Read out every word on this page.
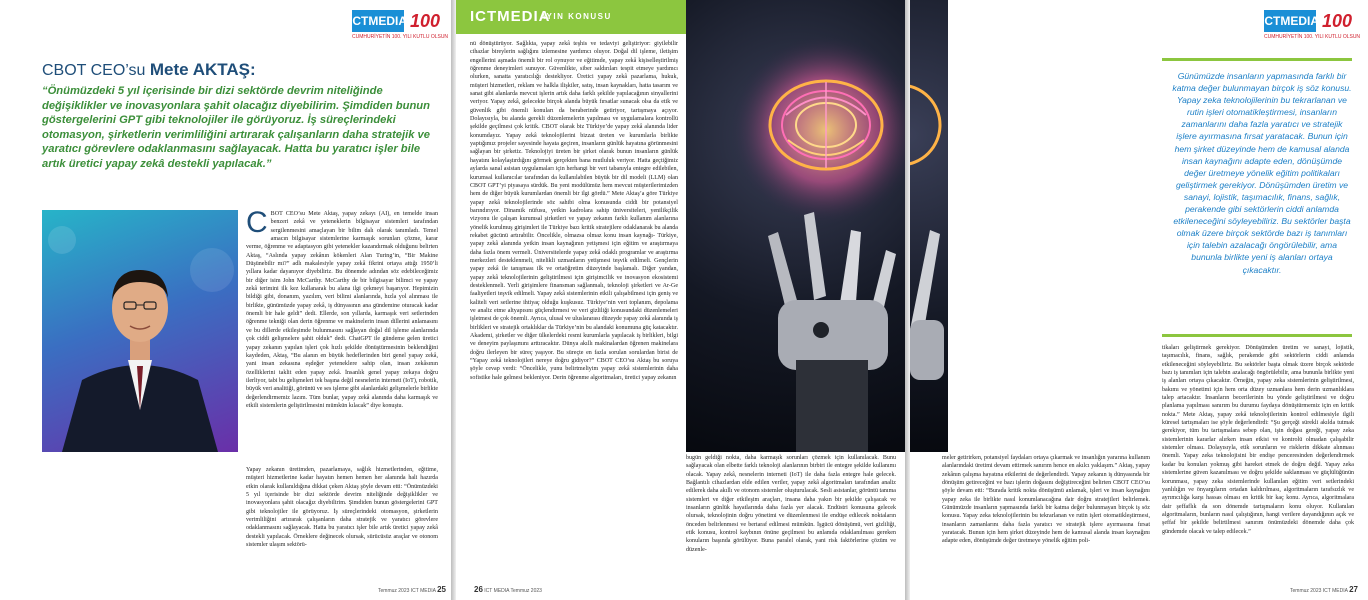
ICTMEDIA 100
CUMHURİYETİN 100. YILI KUTLU OLSUN
CBOT CEO’su Mete AKTAŞ:
“Önümüzdeki 5 yıl içerisinde bir dizi sektörde devrim niteliğinde değişiklikler ve inovasyonlara şahit olacağız diyebilirim. Şimdiden bunun göstergelerini GPT gibi teknolojiler ile görüyoruz. İş süreçlerindeki otomasyon, şirketlerin verimliliğini artırarak çalışanların daha stratejik ve yaratıcı görevlere odaklanmasını sağlayacak. Hatta bu yaratıcı işler bile artık üretici yapay zekâ destekli yapılacak.”
CBOT CEO’su Mete Aktaş, yapay zekayı (AI), en temelde insan benzeri zekâ ve yeteneklerin bilgisayar sistemleri tarafından sergilenmesini amaçlayan bir bilim dalı olarak tanımladı. Temel amacın bilgisayar sistemlerine karmaşık sorunları çözme, karar verme, öğrenme ve adaptasyon gibi yetenekler kazandırmak olduğunu belirten Aktaş, “Aslında yapay zekânın kökenleri Alan Turing’in, “Bir Makine Düşünebilir mi?” adlı makalesiyle yapay zekâ fikrini ortaya attığı 1950’li yıllara kadar dayanıyor diyebiliriz. Bu dönemde adından söz edebileceğimiz bir diğer isim John McCarthy. McCarthy de bir bilgisayar bilimci ve yapay zekâ terimini ilk kez kullanarak bu alana ilgi çekmeyi başarıyor. Hepimizin bildiği gibi, donanım, yazılım, veri bilimi alanlarında, hızla yol alınması ile birlikte, günümüzde yapay zekâ, iş dünyasının ana gündemine oturacak kadar önemli bir hale geldi” dedi. Ellerde, son yıllarda, karmaşık veri setlerinden öğrenme tekniği olan derin öğrenme ve makinelerin insan dillerini anlamasını ve bu dillerde etkileşimde bulunmasını sağlayan doğal dil işleme alanlarında çok ciddi gelişmelere şahit olduk” dedi. ChatGPT ile gündeme gelen üretici yapay zekanın yapılan işleri çok hızlı şekilde dönüştürmesinin beklendiğini kaydeden, Aktaş, “Bu alanın en büyük hedeflerinden biri genel yapay zekâ, yani insan zekasına eşdeğer yeteneklere sahip olan, insan zekâsının özelliklerini taklit eden yapay zekâ. İnsanlık genel yapay zekaya doğru ilerliyor, tabi bu gelişmeleri tek başına değil nesnelerin interneti (IoT), robotik, büyük veri analitiği, görüntü ve ses işleme gibi alanlardaki gelişmelerle birlikte değerlendirmemiz lazım. Tüm bunlar, yapay zekâ alanında daha karmaşık ve etkili sistemlerin geliştirilmesini mümkün kılacak” diye konuştu.
Yapay zekanın üretimden, pazarlamaya, sağlık hizmetlerinden, eğitime, müşteri hizmetlerine kadar hayatın hemen hemen her alanında hali hazırda etkin olarak kullanıldığına dikkat çeken Aktaş şöyle devam etti: “Önümüzdeki 5 yıl içerisinde bir dizi sektörde devrim niteliğinde değişiklikler ve inovasyonlara şahit olacağız diyebilirim. Şimdiden bunun göstergelerini GPT gibi teknolojiler ile görüyoruz. İş süreçlerindeki otomasyon, şirketlerin verimliliğini artırarak çalışanların daha stratejik ve yaratıcı görevlere odaklanmasını sağlayacak. Hatta bu yaratıcı işler bile artık üretici yapay zekâ destekli yapılacak. Örneklere değinecek olursak, sürücüsüz araçlar ve otonom sistemler ulaşım sektörü-
Temmuz 2023 ICT MEDIA 25
ICTMEDIA
AYIN KONUSU
nü dönüştürüyor. Sağlıkta, yapay zekâ teşhis ve tedaviyi geliştiriyor: giyilebilir cihazlar bireylerin sağlığını izlemesine yardımcı oluyor. Doğal dil işleme, iletişim engellerini aşmada önemli bir rol oynuyor ve eğitimde, yapay zekâ kişiselleştirilmiş öğrenme deneyimleri sunuyor. Güvenlikte, siber saldırıları tespit etmeye yardımcı olurken, sanatta yaratıcılığı destekliyor. Üretici yapay zekâ pazarlama, hukuk, müşteri hizmetleri, reklam ve halkla ilişkiler, satış, insan kaynakları, hatta tasarım ve sanat gibi alanlarda mevcut işlerin artık daha farklı şekilde yapılacağının sinyallerini veriyor. Yapay zekâ, gelecekte birçok alanda büyük fırsatlar sunacak olsa da etik ve güvenlik gibi önemli konuları da beraberinde getiriyor, tartışmaya açıyor. Dolayısıyla, bu alanda gerekli düzenlemelerin yapılması ve uygulamalara kontrollü şekilde geçilmesi çok kritik. CBOT olarak biz Türkiye’de yapay zekâ alanında lider konumdayız. Yapay zekâ teknolojilerini bizzat üreten ve kurumlarla birlikte yaptığımız projeler sayesinde hayata geçiren, insanların günlük hayatına görünmesini sağlayan bir şirketiz. Teknolojiyi üreten bir şirket olarak bunun insanların günlük hayatını kolaylaştırdığını görmek gerçekten bana mutluluk veriyor. Hatta geçtiğimiz aylarda sanal asistan uygulamaları için herhangi bir veri tabanıyla entegre edilebilen, kurumsal kullanıcılar tarafından da kullanılabilen büyük bir dil modeli (LLM) olan CBOT GPT’yi piyasaya sürdük. Bu yeni modülümüz hem mevcut müşterilerimizden hem de diğer büyük kurumlardan önemli bir ilgi gördü.” Mete Aktaş’a göre Türkiye yapay zekâ teknolojilerinde söz sahibi olma konusunda ciddi bir potansiyel barındırıyor. Dinamik nüfusu, yetkin kadrolara sahip üniversiteleri, yenilikçilik vizyonu ile çalışan kurumsal şirketleri ve yapay zekanın farklı kullanım alanlarına yönelik kurulmuş girişimleri ile Türkiye bazı kritik stratejilere odaklanarak bu alanda rekabet gücünü artırabilir. Öncelikle, olmazsa olmaz konu insan kaynağı- Türkiye, yapay zekâ alanında yetkin insan kaynağının yetişmesi için eğitim ve araştırmaya daha fazla önem vermeli. Üniversitelerde yapay zekâ odaklı programlar ve araştırma merkezleri desteklenmeli, nitelikli uzmanların yetişmesi teşvik edilmeli. Gençlerin yapay zekâ ile tanışması ilk ve ortaöğretim düzeyinde başlamalı. Diğer yandan, yapay zekâ teknolojilerinin geliştirilmesi için girişimcilik ve inovasyon ekosistemi desteklenmeli. Yerli girişimlere finansman sağlanmalı, teknoloji şirketleri ve Ar-Ge faaliyetleri teşvik edilmeli. Yapay zekâ sistemlerinin etkili çalışabilmesi için geniş ve kaliteli veri setlerine ihtiyaç olduğu kuşkusuz. Türkiye’nin veri toplanım, depolama ve analiz etme altyapısını güçlendirmesi ve veri gizliliği konusundaki düzenlemeleri işletmesi de çok önemli. Ayrıca, ulusal ve uluslararası düzeyde yapay zekâ alanında iş birlikleri ve stratejik ortaklıklar da Türkiye’nin bu alandaki konumuna güç katacaktır. Akademi, şirketler ve diğer ülkelerdeki resmi kurumlarla yapılacak iş birlikleri, bilgi ve deneyim paylaşımını arttıracaktır. Dünya akıllı makinalardan öğrenen makinelara doğru ilerleyen bir süreç yaşıyor. Bu süreçte en fazla sorulan sorulardan birisi de “Yapay zekâ teknolojileri nereye doğru gidiyor?” CBOT CEO’su Aktaş bu soruya şöyle cevap verdi: “Öncelikle, yunu belirtmeliyim yapay zekâ sistemlerinin daha sofistike hale gelmesi bekleniyor. Derin öğrenme algoritmaları, üretici yapay zekanın
bugün geldiği nokta, daha karmaşık sorunları çözmek için kullanılacak. Bunu sağlayacak olan elbette farklı teknoloji alanlarının birbiri ile entegre şekilde kullanımı olacak. Yapay zekâ, nesnelerin interneti (IoT) ile daha fazla entegre hale gelecek. Bağlantılı cihazlardan elde edilen veriler, yapay zekâ algoritmaları tarafından analiz edilerek daha akıllı ve otonom sistemler oluşturulacak. Sesli asistanlar, görüntü tanıma sistemleri ve diğer etkileşim araçları, insana daha yakın bir şekilde çalışacak ve insanların günlük hayatlarında daha fazla yer alacak. Endüstri konusuna gelecek olursak, teknolojinin doğru yönetimi ve düzenlenmesi ile endüşe edilecek noktaların önceden belirlenmesi ve bertaraf edilmesi mümkün. İşgücü dönüşümü, veri gizliliği, etik konusu, kontrol kaybının önüne geçilmesi bu anlamda odaklanılması gereken konuların başında görülüyor. Buna paralel olarak, yani risk faktörlerine çözüm ve düzenle-
26 ICT MEDIA Temmuz 2023
ICTMEDIA 100
CUMHURİYETİN 100. YILI KUTLU OLSUN
Günümüzde insanların yapmasında farklı bir katma değer bulunmayan birçok iş söz konusu. Yapay zeka teknolojilerinin bu tekrarlanan ve rutin işleri otomatikleştirmesi, insanların zamanlarını daha fazla yaratıcı ve stratejik işlere ayırmasına fırsat yaratacak. Bunun için hem şirket düzeyinde hem de kamusal alanda insan kaynağını adapte eden, dönüşümde değer üretmeye yönelik eğitim politikaları geliştirmek gerekiyor. Dönüşümden üretim ve sanayi, lojistik, taşımacılık, finans, sağlık, perakende gibi sektörlerin ciddi anlamda etkileneceğini söyleyebiliriz. Bu sektörler başta olmak üzere birçok sektörde bazı iş tanımları için talebin azalacağı öngörülebilir, ama bununla birlikte yeni iş alanları ortaya çıkacaktır.
meler getirirken, potansiyel faydaları ortaya çıkarmak ve insanlığın yararına kullanım alanlarındaki üretimi devam ettirmek sanırım hence en akılcı yaklaşım.” Aktaş, yapay zekânın çalışma hayatına etkilerini de değerlendirdi. Yapay zekanın iş dünyasında bir dönüşüm getireceğini ve bazı işlerin doğasını değiştireceğini belirten CBOT CEO’su şöyle devam etti: “Burada kritik nokta dönüşümü anlamak, işleri ve insan kaynağını yapay zeka ile birlikte nasıl konumlanacağına dair doğru stratejileri belirlemek. Günümüzde insanların yapmasında farklı bir katma değer bulunmayan birçok iş söz konusu. Yapay zeka teknolojilerinin bu tekrarlanan ve rutin işleri otomatikleştirmesi, insanların zamanlarını daha fazla yaratıcı ve stratejik işlere ayırmasına fırsat yaratacak. Bunun için hem şirket düzeyinde hem de kamusal alanda insan kaynağını adapte eden, dönüşümde değer üretmeye yönelik eğitim poli-
tikaları geliştirmek gerekiyor. Dönüşümden üretim ve sanayi, lojistik, taşımacılık, finans, sağlık, perakende gibi sektörlerin ciddi anlamda etkileneceğini söyleyebiliriz. Bu sektörler başta olmak üzere birçok sektörde bazı iş tanımları için talebin azalacağı öngörülebilir, ama bununla birlikte yeni iş alanları ortaya çıkacaktır. Örneğin, yapay zeka sistemlerinin geliştirilmesi, bakımı ve yönetimi için hem orta düzey uzmanlara hem derin uzmanlıklara talep artacaktır. İnsanların becerilerinin bu yönde geliştirilmesi ve doğru planlama yapılması sanırım bu durumu faydaya dönüştürmemiz için en kritik nokta.” Mete Aktaş, yapay zekâ teknolojilerinin kontrol edilmesiyle ilgili küresel tartışmaları ise şöyle değerlendirdi: “Şu gerçeği sürekli akılda tutmak gerekiyor, tüm bu tartışmalara sebep olan, işin doğası gereği, yapay zeka sistemlerinin kararlar alırken insan etkisi ve kontrolü olmadan çalışabilir sistemler olması. Dolayısıyla, etik sorunların ve risklerin dikkate alınması önemli. Yapay zeka teknolojisini bir endişe penceresinden değerlendirmek kadar bu konuları yokmuş gibi hareket etmek de doğru değil. Yapay zeka sistemlerine güven kazanılması ve doğru şekilde saklanması ve güçlülüğünün korunması, yapay zeka sistemlerinde kullanılan eğitim veri setlerindeki yanlılığın ve önyargıların ortadan kaldırılması, algoritmaların tarafsızlık ve ayrımcılığa karşı hassas olması en kritik bir kaç konu. Ayrıca, algoritmalara dair şeffaflık da son dönemde tartışmaların konu oluyor. Kullanılan algoritmaların, bunların nasıl çalıştığının, hangi verilere dayandığının açık ve şeffaf bir şekilde belirtilmesi sanırım önümüzdeki dönemde daha çok gündemde olacak ve talep edilecek.”
Temmuz 2023 ICT MEDIA 27
